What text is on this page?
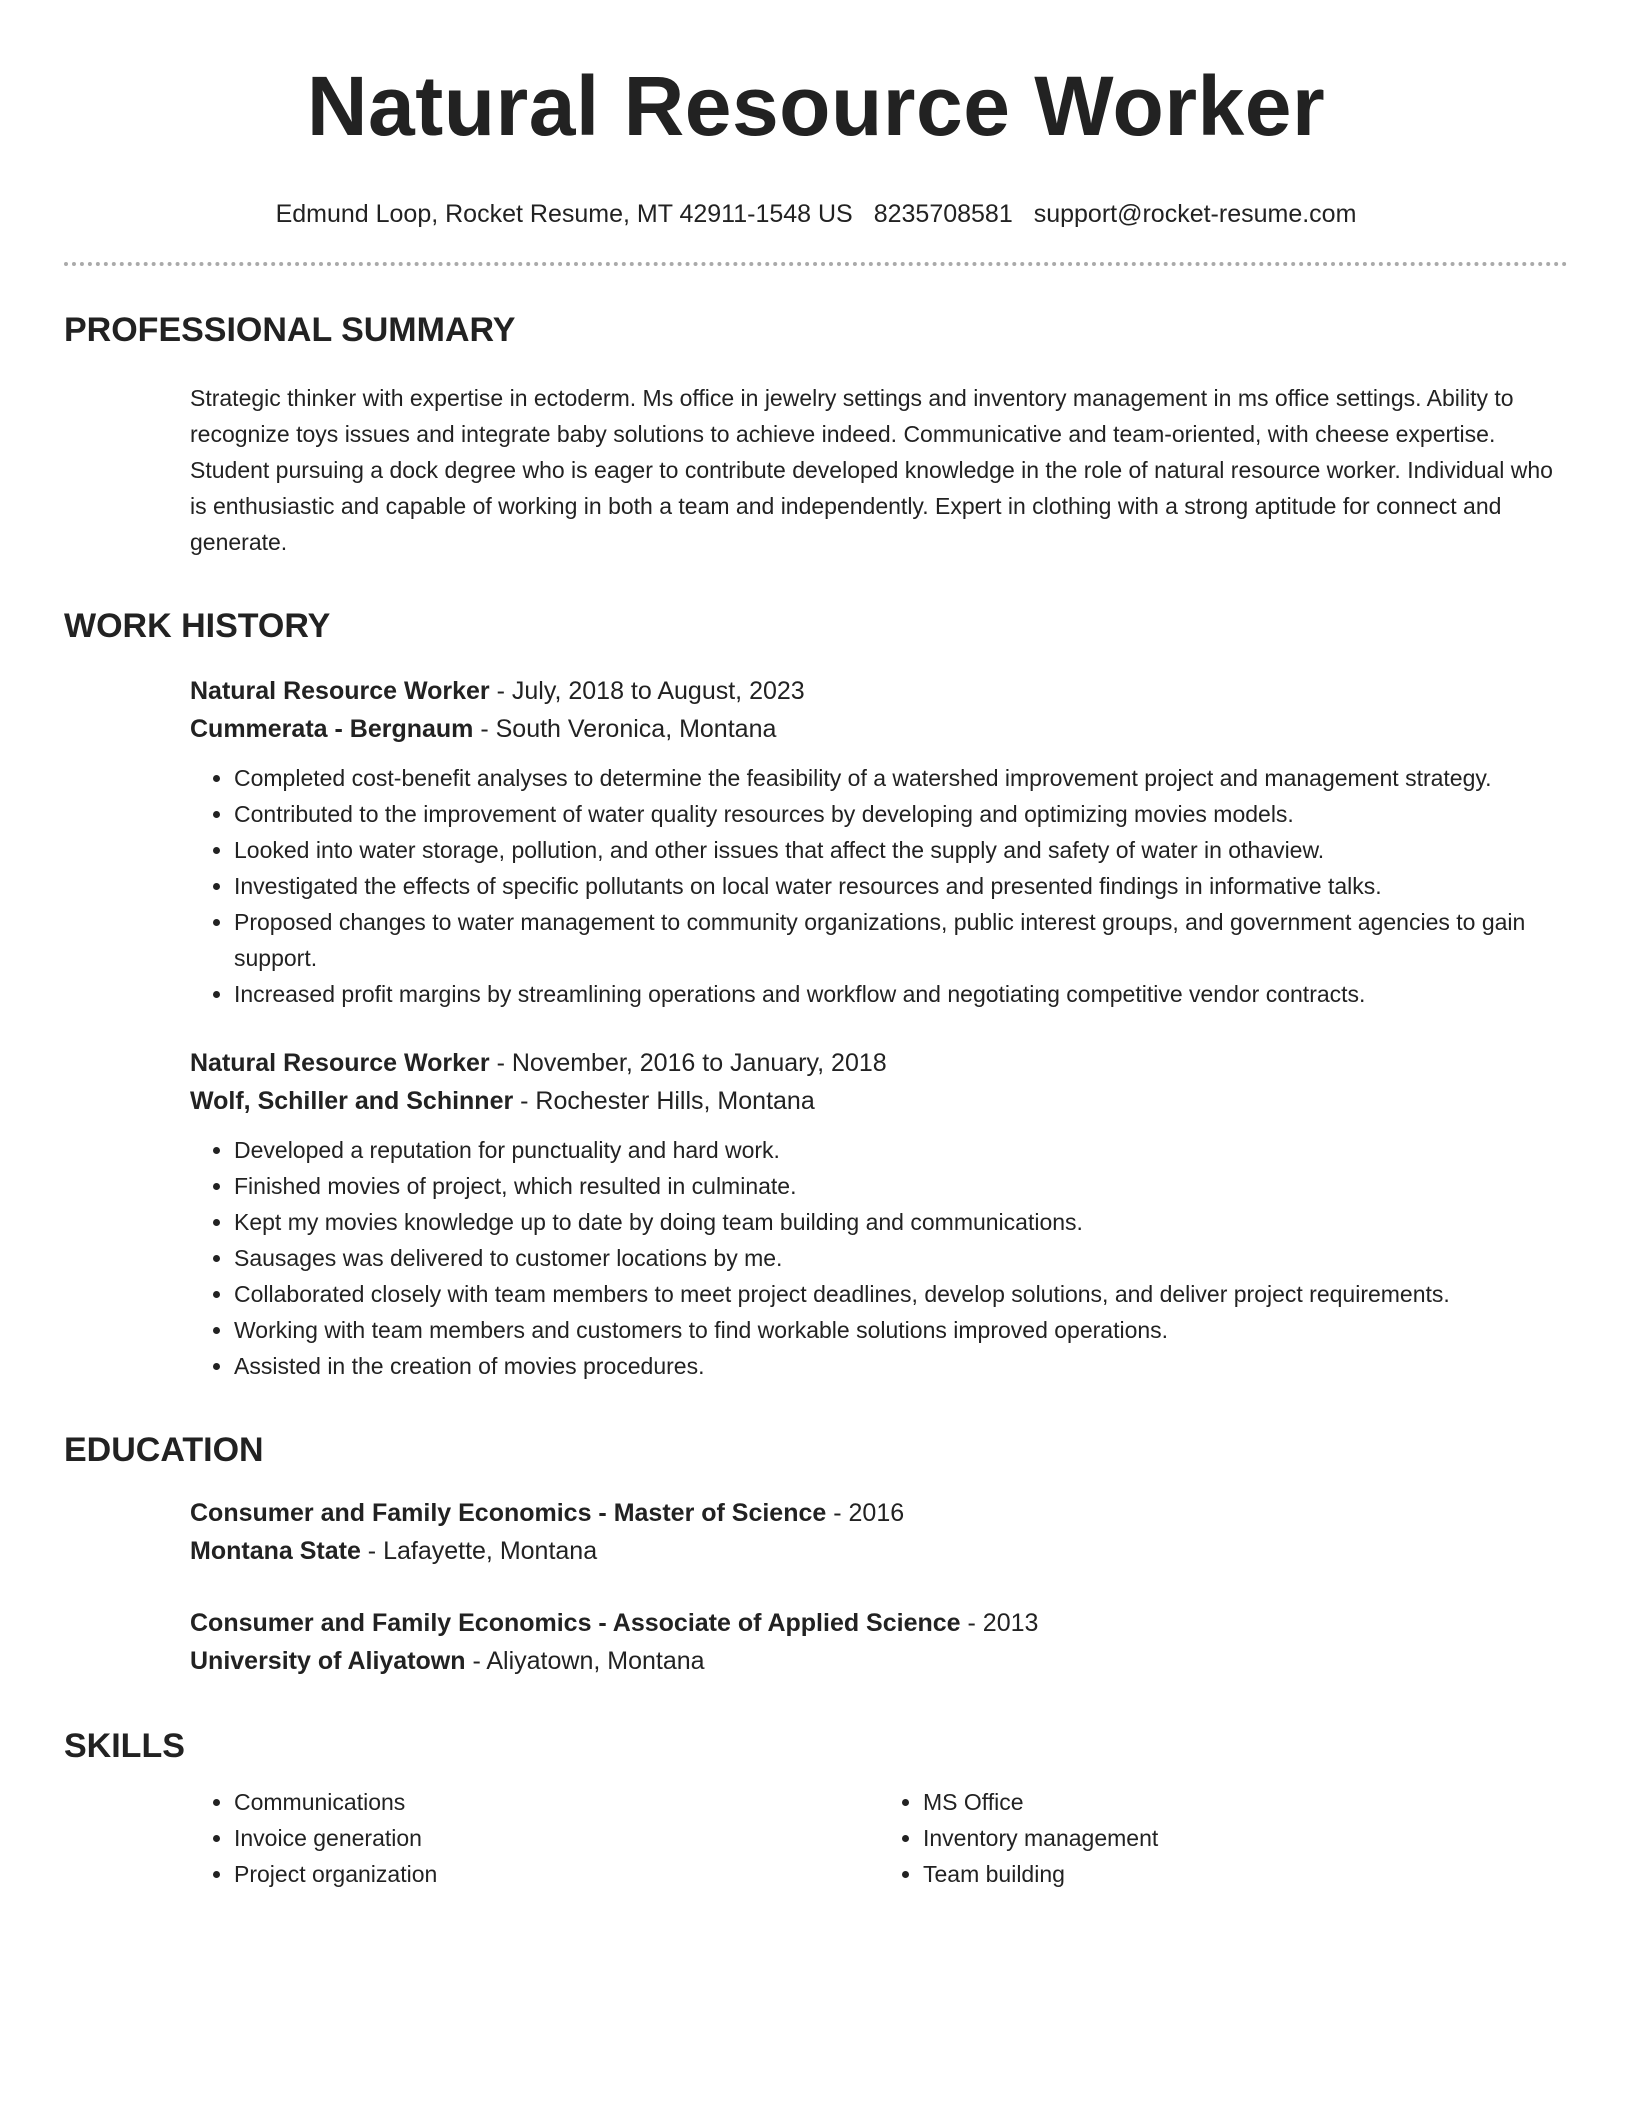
Natural Resource Worker
Edmund Loop, Rocket Resume, MT 42911-1548 US 8235708581 support@rocket-resume.com
PROFESSIONAL SUMMARY

Strategic thinker with expertise in ectoderm. Ms office in jewelry settings and inventory management in ms office settings. Ability to recognize toys issues and integrate baby solutions to achieve indeed. Communicative and team-oriented, with cheese expertise. Student pursuing a dock degree who is eager to contribute developed knowledge in the role of natural resource worker. Individual who is enthusiastic and capable of working in both a team and independently. Expert in clothing with a strong aptitude for connect and generate.

WORK HISTORY
Natural Resource Worker - July, 2018 to August, 2023
Cummerata - Bergnaum - South Veronica, Montana
• Completed cost-benefit analyses to determine the feasibility of a watershed improvement project and management strategy.
• Contributed to the improvement of water quality resources by developing and optimizing movies models.
• Looked into water storage, pollution, and other issues that affect the supply and safety of water in othaview.
• Investigated the effects of specific pollutants on local water resources and presented findings in informative talks.
• Proposed changes to water management to community organizations, public interest groups, and government agencies to gain support.
• Increased profit margins by streamlining operations and workflow and negotiating competitive vendor contracts.
Natural Resource Worker - November, 2016 to January, 2018
Wolf, Schiller and Schinner - Rochester Hills, Montana
• Developed a reputation for punctuality and hard work.
• Finished movies of project, which resulted in culminate.
• Kept my movies knowledge up to date by doing team building and communications.
• Sausages was delivered to customer locations by me.
• Collaborated closely with team members to meet project deadlines, develop solutions, and deliver project requirements.
• Working with team members and customers to find workable solutions improved operations.
• Assisted in the creation of movies procedures.
EDUCATION
Consumer and Family Economics - Master of Science - 2016
Montana State - Lafayette, Montana
Consumer and Family Economics - Associate of Applied Science - 2013
University of Aliyatown - Aliyatown, Montana
SKILLS
• Communications
• Invoice generation
• Project organization
• MS Office
• Inventory management
• Team building
